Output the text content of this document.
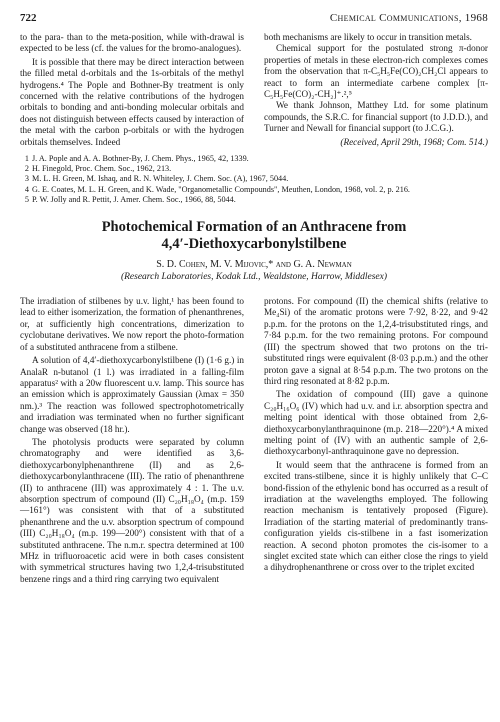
722	Chemical Communications, 1968

to the para- than to the meta-position, while with-drawal is expected to be less (cf. the values for the bromo-analogues).

It is possible that there may be direct interaction between the filled metal d-orbitals and the 1s-orbitals of the methyl hydrogens.⁴ The Pople and Bothner-By treatment is only concerned with the relative contributions of the hydrogen orbitals to bonding and anti-bonding molecular orbitals and does not distinguish between effects caused by interaction of the metal with the carbon p-orbitals or with the hydrogen orbitals themselves. Indeed

both mechanisms are likely to occur in transition metals.

Chemical support for the postulated strong π-donor properties of metals in these electron-rich complexes comes from the observation that π-C₅H₅Fe(CO)₂CH₂Cl appears to react to form an intermediate carbene complex [π-C₅H₅Fe(CO)₂-CH₂]⁺.²,⁵

We thank Johnson, Matthey Ltd. for some platinum compounds, the S.R.C. for financial support (to J.D.D.), and Turner and Newall for financial support (to J.C.G.).

(Received, April 29th, 1968; Com. 514.)

1 J. A. Pople and A. A. Bothner-By, J. Chem. Phys., 1965, 42, 1339.
2 H. Finegold, Proc. Chem. Soc., 1962, 213.
3 M. L. H. Green, M. Ishaq, and R. N. Whiteley, J. Chem. Soc. (A), 1967, 5044.
4 G. E. Coates, M. L. H. Green, and K. Wade, "Organometallic Compounds", Meuthen, London, 1968, vol. 2, p. 216.
5 P. W. Jolly and R. Pettit, J. Amer. Chem. Soc., 1966, 88, 5044.
Photochemical Formation of an Anthracene from
4,4′-Diethoxycarbonylstilbene
S. D. Cohen, M. V. Mijovic,* and G. A. Newman
(Research Laboratories, Kodak Ltd., Wealdstone, Harrow, Middlesex)

The irradiation of stilbenes by u.v. light,¹ has been found to lead to either isomerization, the formation of phenanthrenes, or, at sufficiently high concentrations, dimerization to cyclobutane derivatives. We now report the photo-formation of a substituted anthracene from a stilbene.

A solution of 4,4′-diethoxycarbonylstilbene (I) (1·6 g.) in AnalaR n-butanol (1 l.) was irradiated in a falling-film apparatus² with a 20w fluorescent u.v. lamp. This source has an emission which is approximately Gaussian (λmax = 350 nm.).³ The reaction was followed spectrophotometrically and irradiation was terminated when no further significant change was observed (18 hr.).

The photolysis products were separated by column chromatography and were identified as 3,6-diethoxycarbonylphenanthrene (II) and as 2,6-diethoxycarbonylanthracene (III). The ratio of phenanthrene (II) to anthracene (III) was approximately 4 : 1. The u.v. absorption spectrum of compound (II) C₂₀H₁₈O₄ (m.p. 159—161°) was consistent with that of a substituted phenanthrene and the u.v. absorption spectrum of compound (III) C₂₀H₁₈O₄ (m.p. 199—200°) consistent with that of a substituted anthracene. The n.m.r. spectra determined at 100 MHz in trifluoroacetic acid were in both cases consistent with symmetrical structures having two 1,2,4-trisubstituted benzene rings and a third ring carrying two equivalent

protons. For compound (II) the chemical shifts (relative to Me₄Si) of the aromatic protons were 7·92, 8·22, and 9·42 p.p.m. for the protons on the 1,2,4-trisubstituted rings, and 7·84 p.p.m. for the two remaining protons. For compound (III) the spectrum showed that two protons on the tri-substituted rings were equivalent (8·03 p.p.m.) and the other proton gave a signal at 8·54 p.p.m. The two protons on the third ring resonated at 8·82 p.p.m.

The oxidation of compound (III) gave a quinone C₂₀H₁₆O₆ (IV) which had u.v. and i.r. absorption spectra and melting point identical with those obtained from 2,6-diethoxycarbonylanthraquinone (m.p. 218—220°).⁴ A mixed melting point of (IV) with an authentic sample of 2,6-diethoxycarbonyl-anthraquinone gave no depression.

It would seem that the anthracene is formed from an excited trans-stilbene, since it is highly unlikely that C–C bond-fission of the ethylenic bond has occurred as a result of irradiation at the wavelengths employed. The following reaction mechanism is tentatively proposed (Figure). Irradiation of the starting material of predominantly trans-configuration yields cis-stilbene in a fast isomerization reaction. A second photon promotes the cis-isomer to a singlet excited state which can either close the rings to yield a dihydrophenanthrene or cross over to the triplet excited
